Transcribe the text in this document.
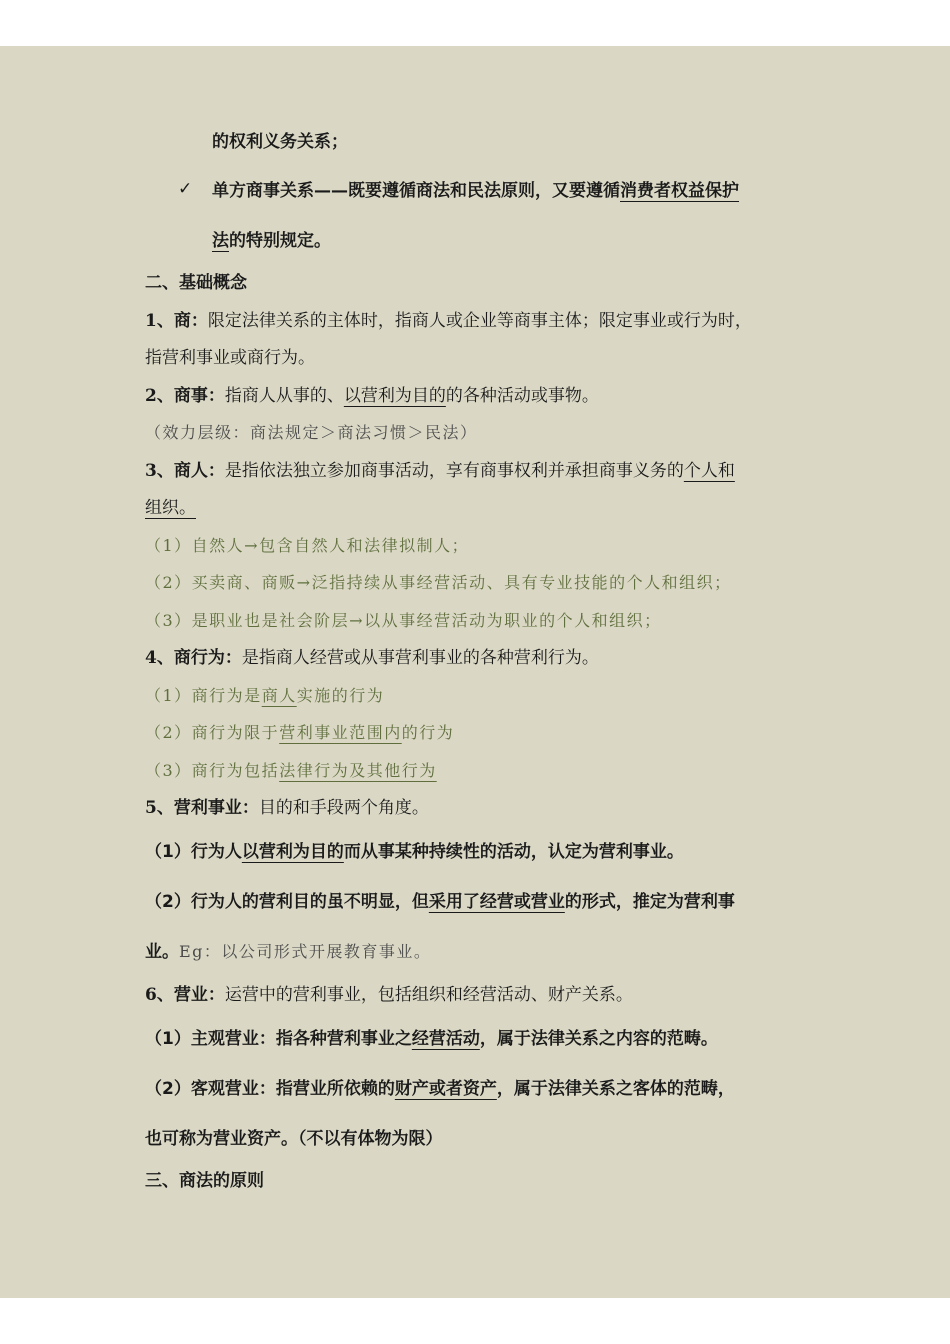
的权利义务关系；
✓ 单方商事关系——既要遵循商法和民法原则，又要遵循消费者权益保护
法的特别规定。
二、基础概念
1、商：限定法律关系的主体时，指商人或企业等商事主体；限定事业或行为时，
指营利事业或商行为。
2、商事：指商人从事的、以营利为目的的各种活动或事物。
（效力层级：商法规定＞商法习惯＞民法）
3、商人：是指依法独立参加商事活动，享有商事权利并承担商事义务的个人和
组织。
（1）自然人→包含自然人和法律拟制人；
（2）买卖商、商贩→泛指持续从事经营活动、具有专业技能的个人和组织；
（3）是职业也是社会阶层→以从事经营活动为职业的个人和组织；
4、商行为：是指商人经营或从事营利事业的各种营利行为。
（1）商行为是商人实施的行为
（2）商行为限于营利事业范围内的行为
（3）商行为包括法律行为及其他行为
5、营利事业：目的和手段两个角度。
（1）行为人以营利为目的而从事某种持续性的活动，认定为营利事业。
（2）行为人的营利目的虽不明显，但采用了经营或营业的形式，推定为营利事
业。Eg：以公司形式开展教育事业。
6、营业：运营中的营利事业，包括组织和经营活动、财产关系。
（1）主观营业：指各种营利事业之经营活动，属于法律关系之内容的范畴。
（2）客观营业：指营业所依赖的财产或者资产，属于法律关系之客体的范畴，
也可称为营业资产。（不以有体物为限）
三、商法的原则
